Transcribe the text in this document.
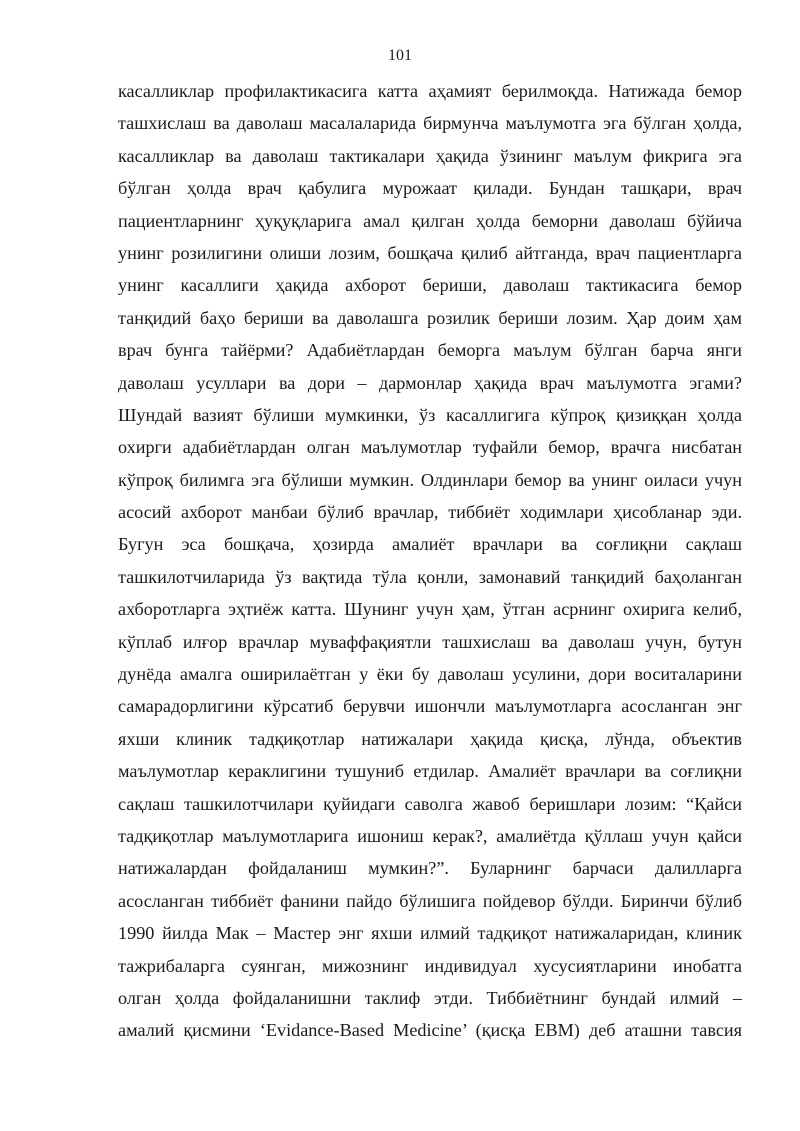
101
касалликлар профилактикасига катта аҳамият берилмоқда. Натижада бемор
ташхислаш ва даволаш масалаларида бирмунча маълумотга эга бўлган ҳолда,
касалликлар ва даволаш тактикалари ҳақида ўзининг маълум фикрига эга
бўлган ҳолда врач қабулига мурожаат қилади. Бундан ташқари, врач
пациентларнинг ҳуқуқларига амал қилган ҳолда беморни даволаш бўйича
унинг розилигини олиши лозим, бошқача қилиб айтганда, врач пациентларга
унинг касаллиги ҳақида ахборот бериши, даволаш тактикасига бемор
танқидий баҳо бериши ва даволашга розилик бериши лозим. Ҳар доим ҳам
врач бунга тайёрми? Адабиётлардан беморга маълум бўлган барча янги
даволаш усуллари ва дори – дармонлар ҳақида врач маълумотга эгами?
Шундай вазият бўлиши мумкинки, ўз касаллигига кўпроқ қизиққан ҳолда
охирги адабиётлардан олган маълумотлар туфайли бемор, врачга нисбатан
кўпроқ билимга эга бўлиши мумкин. Олдинлари бемор ва унинг оиласи учун
асосий ахборот манбаи бўлиб врачлар, тиббиёт ходимлари ҳисобланар эди.
Бугун эса бошқача, ҳозирда амалиёт врачлари ва соғлиқни сақлаш
ташкилотчиларида ўз вақтида тўла қонли, замонавий танқидий баҳоланган
ахборотларга эҳтиёж катта. Шунинг учун ҳам, ўтган асрнинг охирига келиб,
кўплаб илғор врачлар муваффақиятли ташхислаш ва даволаш учун, бутун
дунёда амалга оширилаётган у ёки бу даволаш усулини, дори воситаларини
самарадорлигини кўрсатиб берувчи ишончли маълумотларга асосланган энг
яхши клиник тадқиқотлар натижалари ҳақида қисқа, лўнда, объектив
маълумотлар кераклигини тушуниб етдилар. Амалиёт врачлари ва соғлиқни
сақлаш ташкилотчилари қуйидаги саволга жавоб беришлари лозим: “Қайси
тадқиқотлар маълумотларига ишониш керак?, амалиётда қўллаш учун қайси
натижалардан фойдаланиш мумкин?”. Буларнинг барчаси далилларга
асосланган тиббиёт фанини пайдо бўлишига пойдевор бўлди. Биринчи бўлиб
1990 йилда Мак – Мастер энг яхши илмий тадқиқот натижаларидан, клиник
тажрибаларга суянган, мижознинг индивидуал хусусиятларини инобатга
олган ҳолда фойдаланишни таклиф этди. Тиббиётнинг бундай илмий –
амалий қисмини ‘Evidance-Based Medicine’ (қисқа EBM) деб аташни тавсия
